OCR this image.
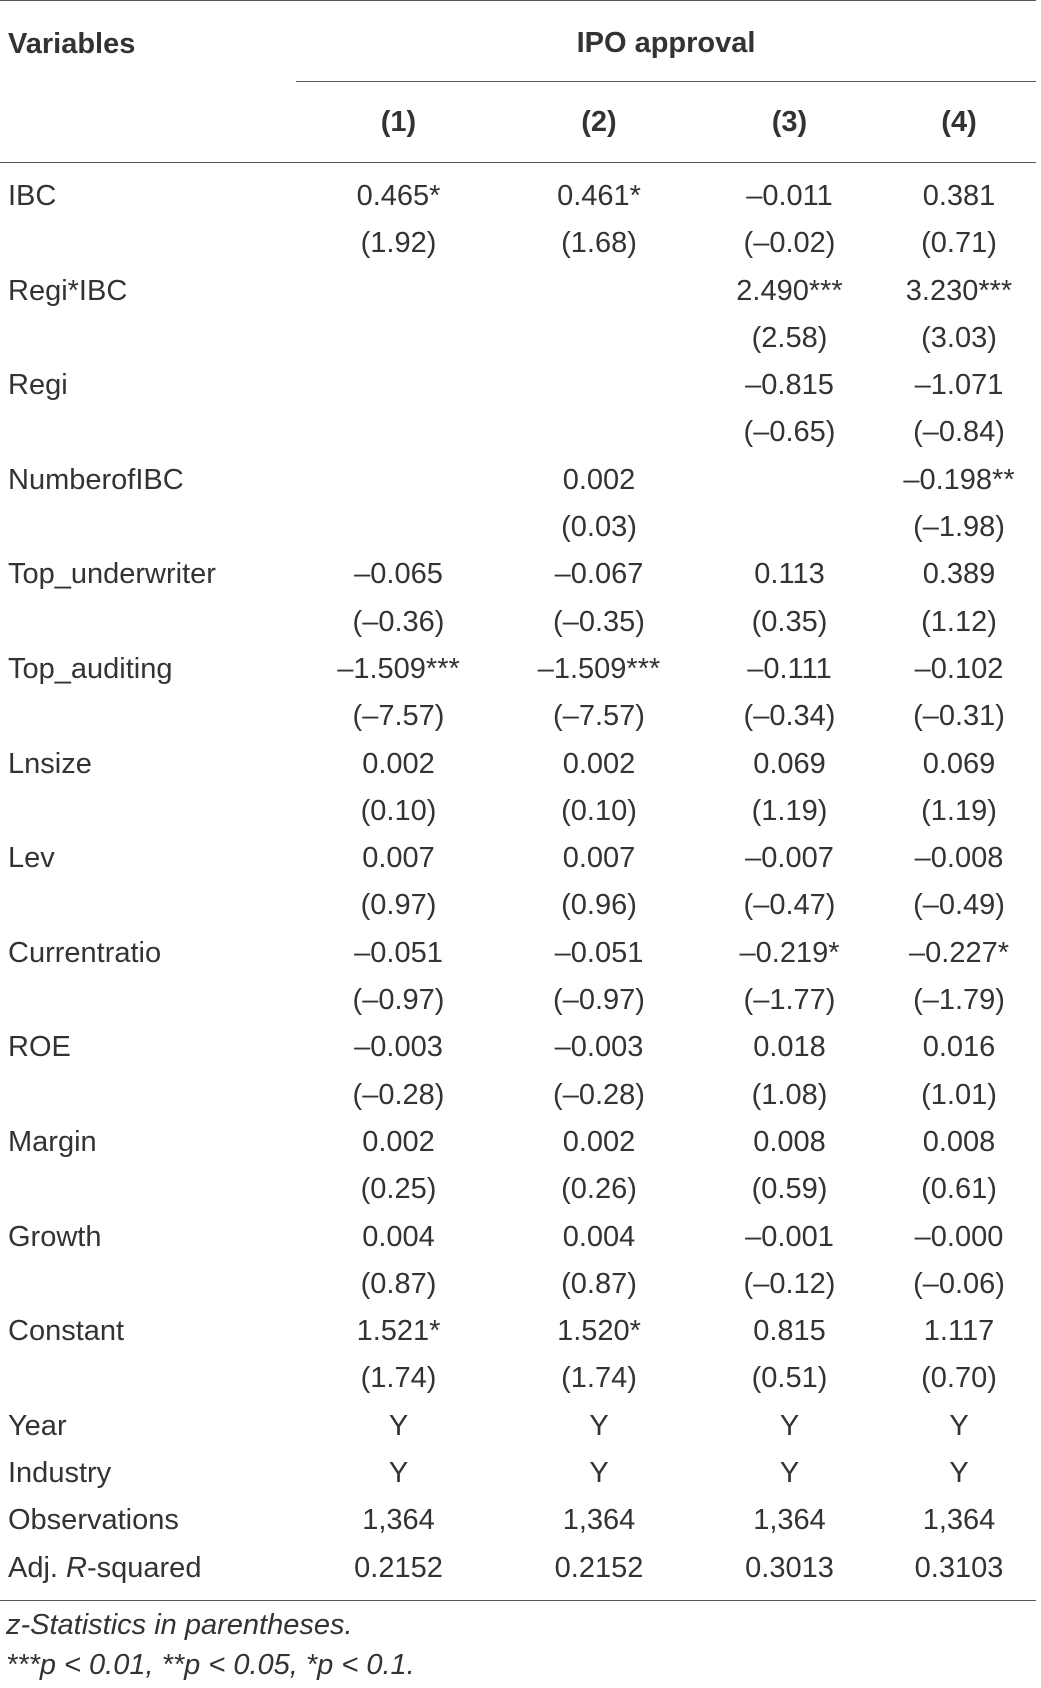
Variables	IPO approval			

	(1)	(2)	(3)	(4)
IBC	0.465*	0.461*	–0.011	0.381
	(1.92)	(1.68)	(–0.02)	(0.71)
Regi*IBC			2.490***	3.230***
			(2.58)	(3.03)
Regi			–0.815	–1.071
			(–0.65)	(–0.84)
NumberofIBC		0.002		–0.198**
		(0.03)		(–1.98)
Top_underwriter	–0.065	–0.067	0.113	0.389
	(–0.36)	(–0.35)	(0.35)	(1.12)
Top_auditing	–1.509***	–1.509***	–0.111	–0.102
	(–7.57)	(–7.57)	(–0.34)	(–0.31)
Lnsize	0.002	0.002	0.069	0.069
	(0.10)	(0.10)	(1.19)	(1.19)
Lev	0.007	0.007	–0.007	–0.008
	(0.97)	(0.96)	(–0.47)	(–0.49)
Currentratio	–0.051	–0.051	–0.219*	–0.227*
	(–0.97)	(–0.97)	(–1.77)	(–1.79)
ROE	–0.003	–0.003	0.018	0.016
	(–0.28)	(–0.28)	(1.08)	(1.01)
Margin	0.002	0.002	0.008	0.008
	(0.25)	(0.26)	(0.59)	(0.61)
Growth	0.004	0.004	–0.001	–0.000
	(0.87)	(0.87)	(–0.12)	(–0.06)
Constant	1.521*	1.520*	0.815	1.117
	(1.74)	(1.74)	(0.51)	(0.70)
Year	Y	Y	Y	Y
Industry	Y	Y	Y	Y
Observations	1,364	1,364	1,364	1,364
Adj. R-squared	0.2152	0.2152	0.3013	0.3103
z-Statistics in parentheses.
***p < 0.01, **p < 0.05, *p < 0.1.
